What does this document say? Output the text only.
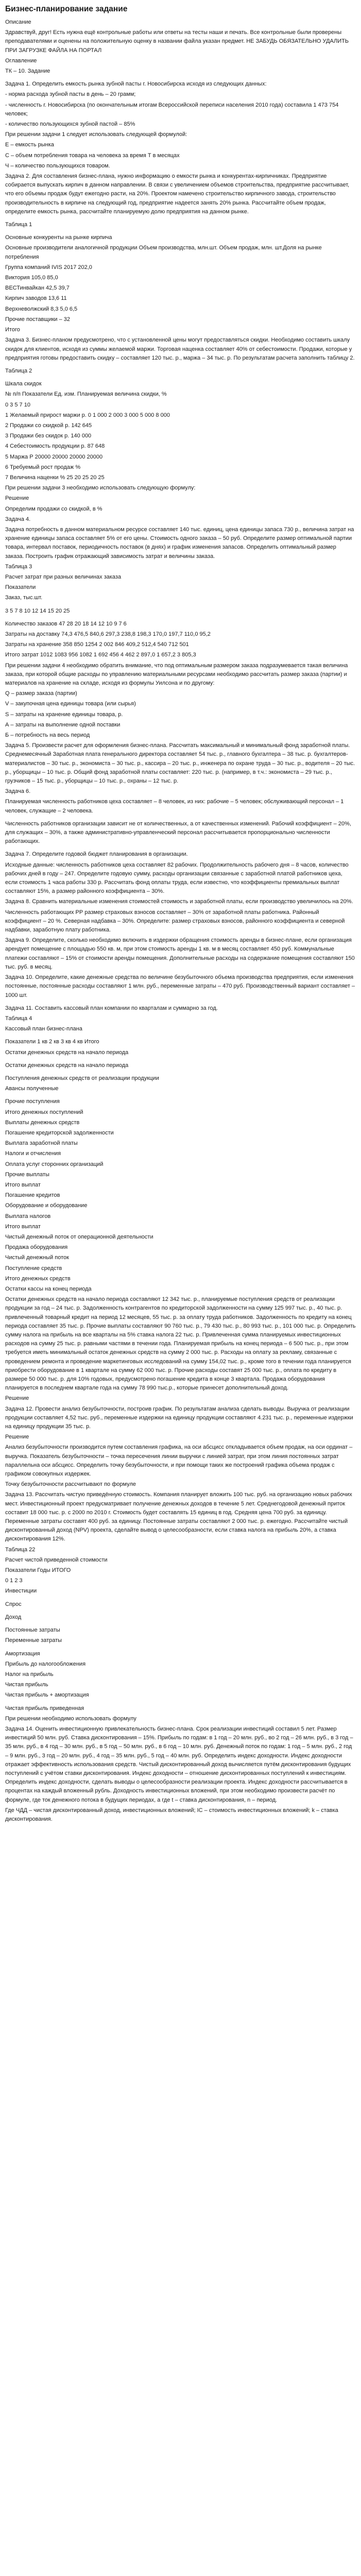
Бизнес-планирование задание

Описание

Здравствуй, друг! Есть нужна ещё контрольные работы или ответы на тесты наши и печать. Все контрольные были проверены преподавателями и оценены на положительную оценку в названии файла указан предмет. НЕ ЗАБУДЬ ОБЯЗАТЕЛЬНО УДАЛИТЬ ПРИ ЗАГРУЗКЕ ФАЙЛА НА ПОРТАЛ

Оглавление

ТК – 10. Задание

Задача 1. Определить емкость рынка зубной пасты г. Новосибирска исходя из следующих данных:

- норма расхода зубной пасты в день – 20 грамм;

- численность г. Новосибирска (по окончательным итогам Всероссийской переписи населения 2010 года) составила 1 473 754 человек;

- количество пользующихся зубной пастой – 85%

При решении задачи 1 следует использовать следующей формулой:

Е – емкость рынка

С – объем потребления товара на человека за время Т в месяцах

Ч – количество пользующихся товаром.

Задача 2. Для составления бизнес-плана, нужно информацию о емкости рынка и конкурентах-кирпичниках. Предприятие собирается выпускать кирпич в данном направлении. В связи с увеличением объемов строительства, предприятие рассчитывает, что его объемы продаж будут ежегодно расти, на 20%. Проектом намечено строительство кирпичного завода, строительство производительность в кирпиче на следующий год, предприятие надеется занять 20% рынка. Рассчитайте объем продаж, определите емкость рынка, рассчитайте планируемую долю предприятия на данном рынке.

Таблица 1

Основные конкуренты на рынке кирпича

Основные производители аналогичной продукции Объем производства, млн.шт. Объем продаж, млн. шт.Доля на рынке потребления

Группа компаний IVIS 2017 202,0

Виктория 105,0 85,0

ВЕСТинвайкан 42,5 39,7

Кирпич заводов 13,6 11

Верхневолжский 8,3 5,0 6,5

Прочие поставщики – 32

Итого

Задача 3. Бизнес-планом предусмотрено, что с установленной цены могут предоставляться скидки. Необходимо составить шкалу скидок для клиентов, исходя из суммы желаемой маржи. Торговая наценка составляет 40% от себестоимости. Продажи, которые у предприятия готовы предоставить скидку – составляет 120 тыс. р., маржа – 34 тыс. р. По результатам расчета заполнить таблицу 2.

Таблица 2

Шкала скидок

№ п/п Показатели Ед. изм. Планируемая величина скидки, %

0 3 5 7 10

1 Желаемый прирост маржи р. 0 1 000 2 000 3 000 5 000 8 000

2 Продажи со скидкой р. 142 645

3 Продажи без скидок р. 140 000

4 Себестоимость продукции р. 87 648

5 Маржа Р 20000 20000 20000 20000

6 Требуемый рост продаж %

7 Величина наценки % 25 20 25 20 25

При решении задачи 3 необходимо использовать следующую формулу:

Решение

Определим продажи со скидкой, в %

Задача 4.

Задача потребность в данном материальном ресурсе составляет 140 тыс. единиц, цена единицы запаса 730 р., величина затрат на хранение единицы запаса составляет 5% от его цены. Стоимость одного заказа – 50 руб. Определите размер оптимальной партии товара, интервал поставок, периодичность поставок (в днях) и график изменения запасов. Определить оптимальный размер заказа. Построить график отражающий зависимость затрат и величины заказа.

Таблица 3

Расчет затрат при разных величинах заказа

Показатели

Заказ, тыс.шт.

3 5 7 8 10 12 14 15 20 25

Количество заказов 47 28 20 18 14 12 10 9 7 6

Затраты на доставку 74,3 476,5 840,6 297,3 238,8 198,3 170,0 197,7 110,0 95,2

Затраты на хранение 358 850 1254 2 002 846 409,2 512,4 540 712 501

Итого затрат 1012 1083 956 1082 1 692 456 4 462 2 897,0 1 657,2 3 805,3

При решении задачи 4 необходимо обратить внимание, что под оптимальным размером заказа подразумевается такая величина заказа, при которой общие расходы по управлению материальными ресурсами необходимо рассчитать размер заказа (партии) и материалов на хранение на складе, исходя из формулы Уилсона и по другому:

Q – размер заказа (партии)

V – закупочная цена единицы товара (или сырья)

S – затраты на хранение единицы товара, р.

А – затраты на выполнение одной поставки

Б – потребность на весь период

Задача 5. Произвести расчет для оформления бизнес-плана. Рассчитать максимальный и минимальный фонд заработной платы. Среднемесячный Заработная плата генерального директора составляет 54 тыс. р., главного бухгалтера – 38 тыс. р. бухгалтеров-материалистов – 30 тыс. р., экономиста – 30 тыс. р., кассира – 20 тыс. р., инженера по охране труда – 30 тыс. р., водителя – 20 тыс. р., уборщицы – 10 тыс. р. Общий фонд заработной платы составляет: 220 тыс. р. (например, в т.ч.: экономиста – 29 тыс. р., грузчиков – 15 тыс. р., уборщицы – 10 тыс. р., охраны – 12 тыс. р.

Задача 6.

Планируемая численность работников цеха составляет – 8 человек, из них: рабочие – 5 человек; обслуживающий персонал – 1 человек, служащие – 2 человека.

Численность работников организации зависит не от количественных, а от качественных изменений. Рабочий коэффициент – 20%, для служащих – 30%, а также административно-управленческий персонал рассчитывается пропорционально численности работающих.

Задача 7. Определите годовой бюджет планирования в организации.

Исходные данные: численность работников цеха составляет 82 рабочих. Продолжительность рабочего дня – 8 часов, количество рабочих дней в году – 247. Определите годовую сумму, расходы организации связанные с заработной платой работников цеха, если стоимость 1 часа работы 330 р. Рассчитать фонд оплаты труда, если известно, что коэффициенты премиальных выплат составляют 15%, а размер районного коэффициента – 30%.

Задача 8. Сравнить материальные изменения стоимостей стоимость и заработной платы, если производство увеличилось на 20%.

Численность работающих РР размер страховых взносов составляет – 30% от заработной платы работника. Районный коэффициент – 20 %. Северная надбавка – 30%. Определите: размер страховых взносов, районного коэффициента и северной надбавки, заработную плату работника.

Задача 9. Определите, сколько необходимо включить в издержки обращения стоимость аренды в бизнес-плане, если организация арендует помещение с площадью 550 кв. м, при этом стоимость аренды 1 кв. м в месяц составляет 450 руб. Коммунальные платежи составляют – 15% от стоимости аренды помещения. Дополнительные расходы на содержание помещения составляют 150 тыс. руб. в месяц.

Задача 10. Определите, какие денежные средства по величине безубыточного объема производства предприятия, если изменения постоянные, постоянные расходы составляют 1 млн. руб., переменные затраты – 470 руб. Производственный вариант составляет – 1000 шт.

Задача 11. Составить кассовый план компании по кварталам и суммарно за год.

Таблица 4

Кассовый план бизнес-плана

Показатели 1 кв 2 кв 3 кв 4 кв Итого

Остатки денежных средств на начало периода

Остатки денежных средств на начало периода

Поступления денежных средств от реализации продукции

Авансы полученные

Прочие поступления

Итого денежных поступлений

Выплаты денежных средств

Погашение кредиторской задолженности

Выплата заработной платы

Налоги и отчисления

Оплата услуг сторонних организаций

Прочие выплаты

Итого выплат

Погашение кредитов

Оборудование и оборудование

Выплата налогов

Итого выплат

Чистый денежный поток от операционной деятельности

Продажа оборудования

Чистый денежный поток

Поступление средств

Итого денежных средств

Остатки кассы на конец периода

Остатки денежных средств на начало периода составляют 12 342 тыс. р., планируемые поступления средств от реализации продукции за год – 24 тыс. р. Задолженность контрагентов по кредиторской задолженности на сумму 125 997 тыс. р., 40 тыс. р. привлеченный товарный кредит на период 12 месяцев, 55 тыс. р. за оплату труда работников. Задолженность по кредиту на конец периода составляет 35 тыс. р. Прочие выплаты составляют 90 760 тыс. р., 79 430 тыс. р., 80 993 тыс. р., 101 000 тыс. р. Определить сумму налога на прибыль на все кварталы на 5% ставка налога 22 тыс. р. Привлеченная сумма планируемых инвестиционных расходов на сумму 25 тыс. р. равными частями в течении года. Планируемая прибыль на конец периода – 6 500 тыс. р., при этом требуется иметь минимальный остаток денежных средств на сумму 2 000 тыс. р. Расходы на оплату за рекламу, связанные с проведением ремонта и проведение маркетинговых исследований на сумму 154,02 тыс. р., кроме того в течении года планируется приобрести оборудование в 1 квартале на сумму 62 000 тыс. р. Прочие расходы составят 25 000 тыс. р., оплата по кредиту в размере 50 000 тыс. р. для 10% годовых, предусмотрено погашение кредита в конце 3 квартала. Продажа оборудования планируется в последнем квартале года на сумму 78 990 тыс.р., которые принесет дополнительный доход.

Решение

Задача 12. Провести анализ безубыточности, построив график. По результатам анализа сделать выводы. Выручка от реализации продукции составляет 4,52 тыс. руб., переменные издержки на единицу продукции составляют 4.231 тыс. р., переменные издержки на единицу продукции 35 тыс. р.

Решение

Анализ безубыточности производится путем составления графика, на оси абсцисс откладывается объем продаж, на оси ординат – выручка. Показатель безубыточности – точка пересечения линии выручки с линией затрат, при этом линия постоянных затрат параллельна оси абсцисс. Определить точку безубыточности, и при помощи таких же построений графика объема продаж с графиком совокупных издержек.

Точку безубыточности рассчитывают по формуле

Задача 13. Рассчитать чистую приведённую стоимость. Компания планирует вложить 100 тыс. руб. на организацию новых рабочих мест. Инвестиционный проект предусматривает получение денежных доходов в течение 5 лет. Среднегодовой денежный приток составит 18 000 тыс. р. с 2000 по 2010 г. Стоимость будет составлять 15 единиц в год. Средняя цена 700 руб. за единицу. Переменные затраты составят 400 руб. за единицу. Постоянные затраты составляют 2 000 тыс. р. ежегодно. Рассчитайте чистый дисконтированный доход (NPV) проекта, сделайте вывод о целесообразности, если ставка налога на прибыль 20%, а ставка дисконтирования 12%.

Таблица 22

Расчет чистой приведенной стоимости

Показатели Годы ИТОГО

0 1 2 3

Инвестиции

Спрос

Доход

Постоянные затраты

Переменные затраты

Амортизация

Прибыль до налогообложения

Налог на прибыль

Чистая прибыль

Чистая прибыль + амортизация

Чистая прибыль приведенная

При решении необходимо использовать формулу

Задача 14. Оценить инвестиционную привлекательность бизнес-плана. Срок реализации инвестиций составил 5 лет. Размер инвестиций 50 млн. руб. Ставка дисконтирования – 15%. Прибыль по годам: в 1 год – 20 млн. руб., во 2 год – 26 млн. руб., в 3 год – 35 млн. руб., в 4 год – 30 млн. руб., в 5 год – 50 млн. руб., в 6 год – 10 млн. руб. Денежный поток по годам: 1 год – 5 млн. руб., 2 год – 9 млн. руб., 3 год – 20 млн. руб., 4 год – 35 млн. руб., 5 год – 40 млн. руб. Определить индекс доходности. Индекс доходности отражает эффективность использования средств. Чистый дисконтированный доход вычисляется путём дисконтирования будущих поступлений с учётом ставки дисконтирования. Индекс доходности – отношение дисконтированных поступлений к инвестициям. Определить индекс доходности, сделать выводы о целесообразности реализации проекта. Индекс доходности рассчитывается в процентах на каждый вложенный рубль. Доходность инвестиционных вложений, при этом необходимо произвести расчёт по формуле, где ток денежного потока в будущих периодах, а где t – ставка дисконтирования, n – период.

Где ЧДД – чистая дисконтированный доход, инвестиционных вложений; IC – стоимость инвестиционных вложений; k – ставка дисконтирования.
